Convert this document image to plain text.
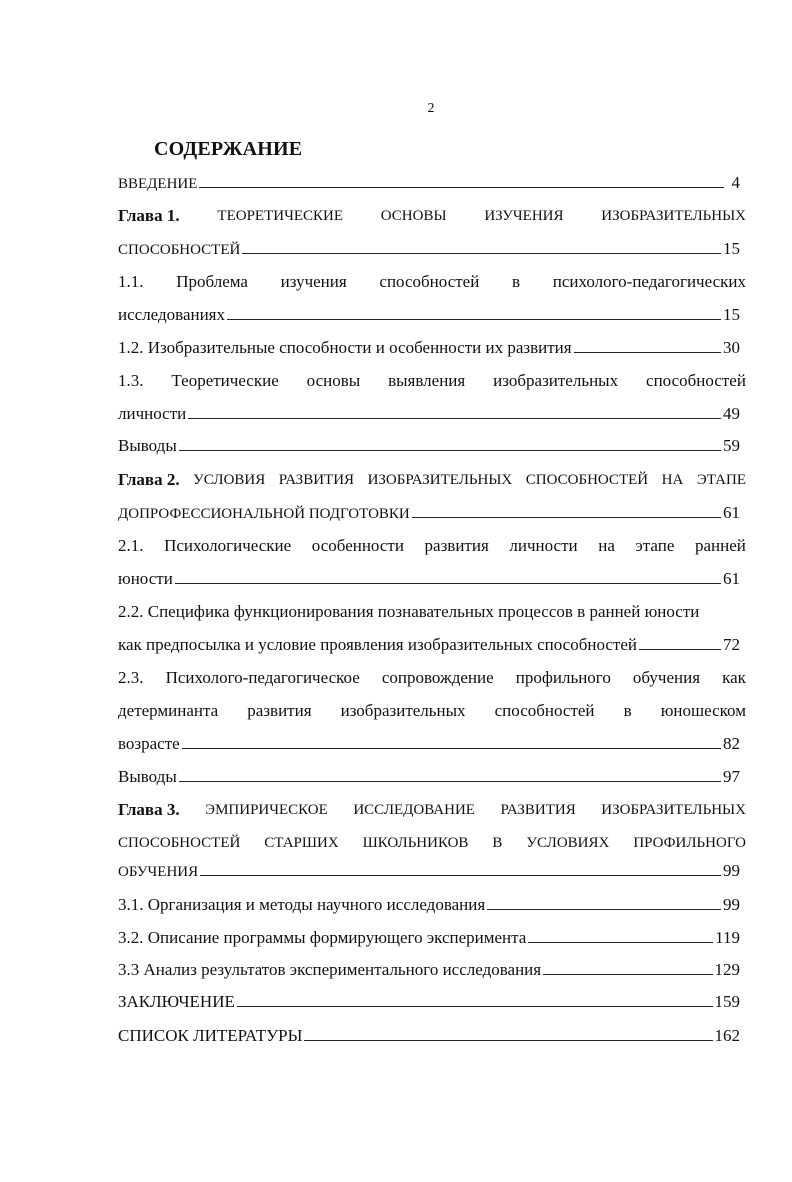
2
СОДЕРЖАНИЕ
ВВЕДЕНИЕ	4
Глава 1.	ТЕОРЕТИЧЕСКИЕ	ОСНОВЫ	ИЗУЧЕНИЯ	ИЗОБРАЗИТЕЛЬНЫХ
СПОСОБНОСТЕЙ	15
1.1. Проблема изучения способностей в психолого-педагогических
исследованиях	15
1.2. Изобразительные способности и особенности их развития	30
1.3. Теоретические основы выявления изобразительных способностей
личности	49
Выводы	59
Глава 2. УСЛОВИЯ РАЗВИТИЯ ИЗОБРАЗИТЕЛЬНЫХ СПОСОБНОСТЕЙ НА ЭТАПЕ
ДОПРОФЕССИОНАЛЬНОЙ ПОДГОТОВКИ	61
2.1. Психологические особенности развития личности на этапе ранней
юности	61
2.2. Специфика функционирования познавательных процессов в ранней юности
как предпосылка и условие проявления изобразительных способностей	72
2.3. Психолого-педагогическое сопровождение профильного обучения как
детерминанта развития изобразительных способностей в юношеском
возрасте	82
Выводы	97
Глава 3. ЭМПИРИЧЕСКОЕ ИССЛЕДОВАНИЕ РАЗВИТИЯ ИЗОБРАЗИТЕЛЬНЫХ
СПОСОБНОСТЕЙ СТАРШИХ ШКОЛЬНИКОВ В УСЛОВИЯХ ПРОФИЛЬНОГО
ОБУЧЕНИЯ	99
3.1. Организация и методы научного исследования	99
3.2. Описание программы формирующего эксперимента	119
3.3 Анализ результатов экспериментального исследования	129
ЗАКЛЮЧЕНИЕ	159
СПИСОК ЛИТЕРАТУРЫ	162
